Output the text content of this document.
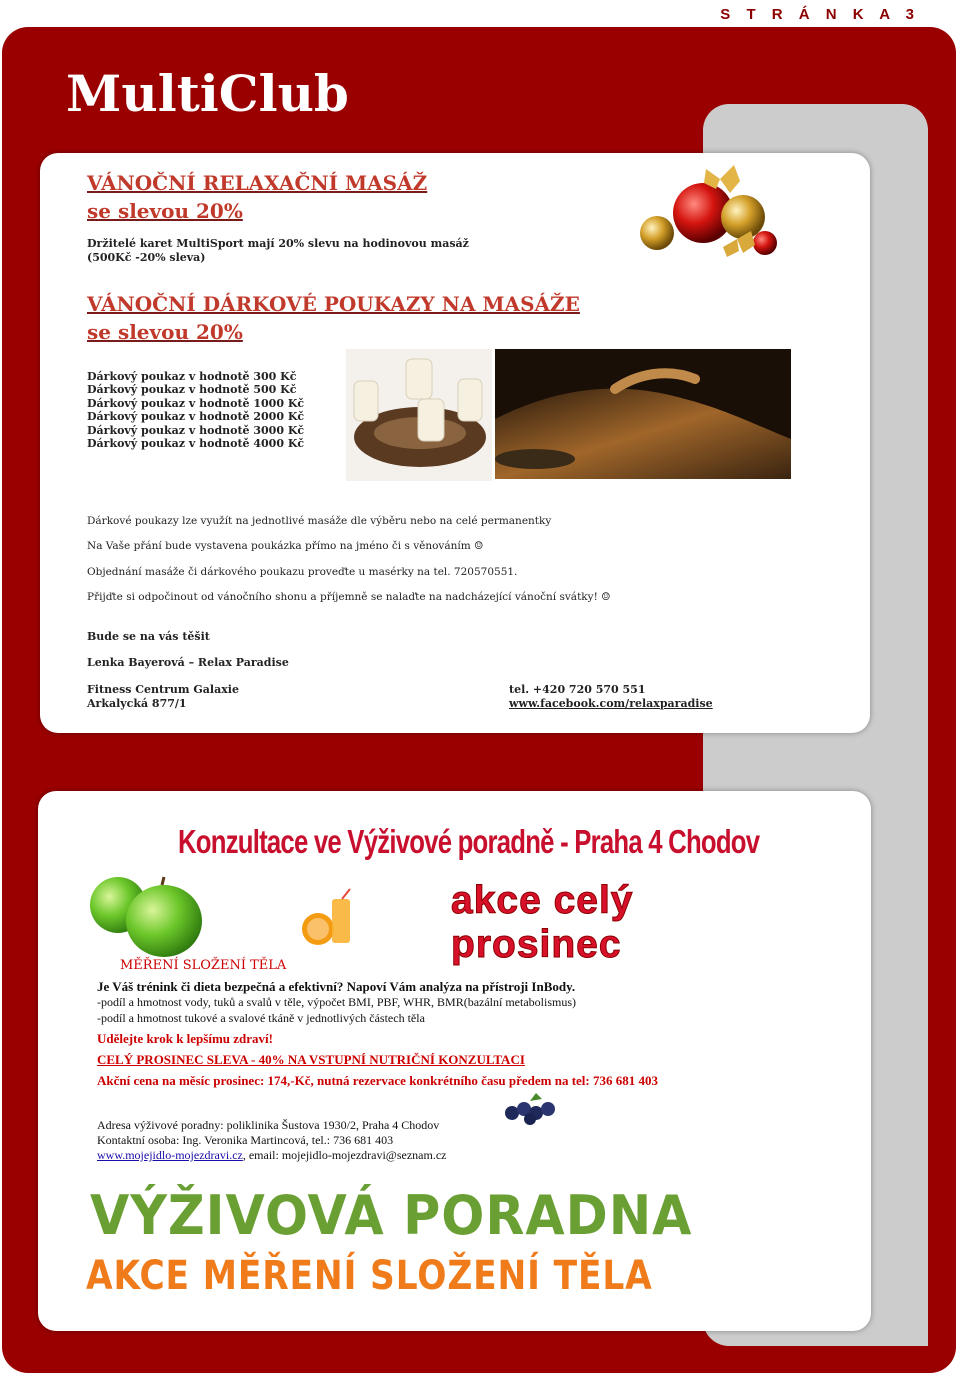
S T R Á N K A 3
MultiClub
VÁNOČNÍ RELAXAČNÍ MASÁŽ
se slevou 20%
Držitelé karet MultiSport mají 20% slevu na hodinovou masáž
(500Kč -20% sleva)
VÁNOČNÍ DÁRKOVÉ POUKAZY NA MASÁŽE
se slevou 20%
Dárkový poukaz v hodnotě 300 Kč
Dárkový poukaz v hodnotě 500 Kč
Dárkový poukaz v hodnotě 1000 Kč
Dárkový poukaz v hodnotě 2000 Kč
Dárkový poukaz v hodnotě 3000 Kč
Dárkový poukaz v hodnotě 4000 Kč
Dárkové poukazy lze využít na jednotlivé masáže dle výběru nebo na celé permanentky
Na Vaše přání bude vystavena poukázka přímo na jméno či s věnováním ☺
Objednání masáže či dárkového poukazu proveďte u masérky na tel. 720570551.
Přijďte si odpočinout od vánočního shonu a příjemně se nalaďte na nadcházející vánoční svátky! ☺
Bude se na vás těšit
Lenka Bayerová – Relax Paradise
Fitness Centrum Galaxie
Arkalycká 877/1
tel. +420 720 570 551
www.facebook.com/relaxparadise
Konzultace ve Výživové poradně - Praha 4 Chodov
akce celý
prosinec
MĚŘENÍ SLOŽENÍ TĚLA
Je Váš trénink či dieta bezpečná a efektivní? Napoví Vám analýza na přístroji InBody.
-podíl a hmotnost vody, tuků a svalů v těle, výpočet BMI, PBF, WHR, BMR(bazální metabolismus)
-podíl a hmotnost tukové a svalové tkáně v jednotlivých částech těla
Udělejte krok k lepšímu zdraví!
CELÝ PROSINEC SLEVA - 40% NA VSTUPNÍ NUTRIČNÍ KONZULTACI
Akční cena na měsíc prosinec: 174,-Kč, nutná rezervace konkrétního času předem na tel: 736 681 403
Adresa výživové poradny: poliklinika Šustova 1930/2, Praha 4 Chodov
Kontaktní osoba: Ing. Veronika Martincová, tel.: 736 681 403
www.mojejidlo-mojezdravi.cz, email: mojejidlo-mojezdravi@seznam.cz
VÝŽIVOVÁ PORADNA
AKCE MĚŘENÍ SLOŽENÍ TĚLA
